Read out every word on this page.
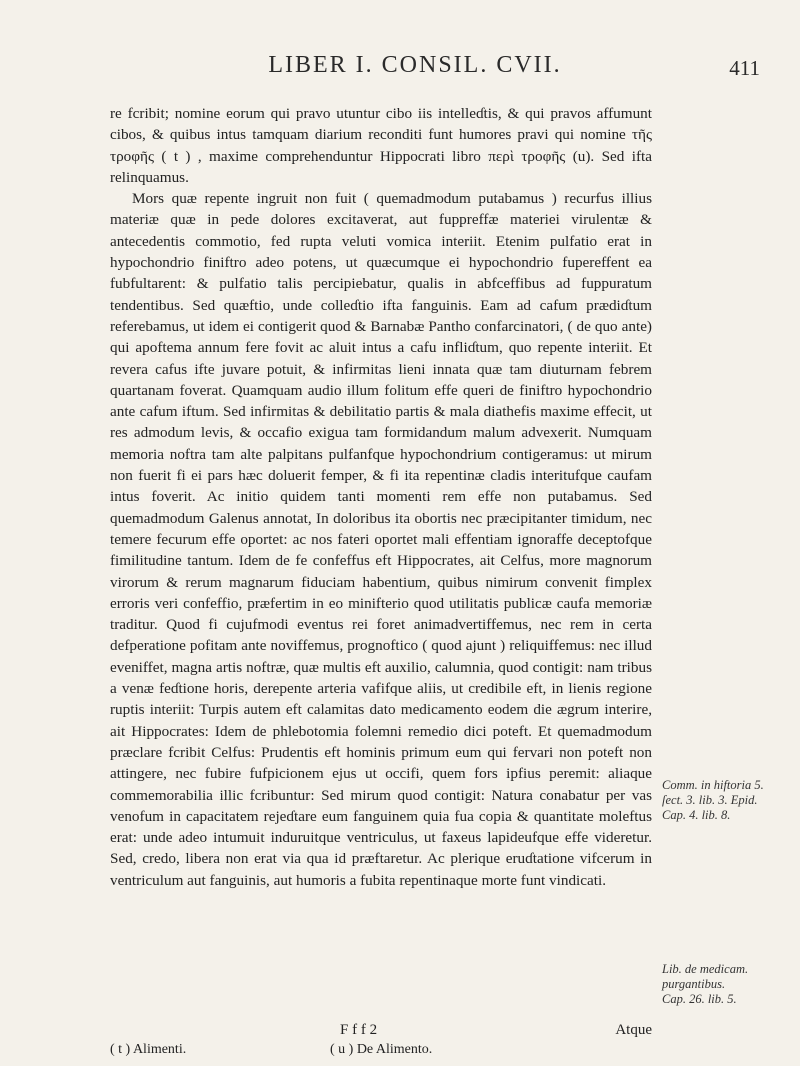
LIBER I. CONSIL. CVII.	411

re fcribit; nomine eorum qui pravo utuntur cibo iis intelleɗtis, & qui pravos affumunt cibos, & quibus intus tamquam diarium reconditi funt humores pravi qui nomine τῆς τροφῆς ( t ) , maxime comprehenduntur Hippocrati libro περὶ τροφῆς (u). Sed ifta relinquamus.

Mors quæ repente ingruit non fuit ( quemadmodum putabamus ) recurfus illius materiæ quæ in pede dolores excitaverat, aut fuppreffæ materiei virulentæ & antecedentis commotio, fed rupta veluti vomica interiit. Etenim pulfatio erat in hypochondrio finiftro adeo potens, ut quæcumque ei hypochondrio fupereffent ea fubfultarent: & pulfatio talis percipiebatur, qualis in abfceffibus ad fuppuratum tendentibus. Sed quæftio, unde colleɗtio ifta fanguinis. Eam ad cafum prædiɗtum referebamus, ut idem ei contigerit quod & Barnabæ Pantho confarcinatori, ( de quo ante) qui apoftema annum fere fovit ac aluit intus a cafu infliɗtum, quo repente interiit. Et revera cafus ifte juvare potuit, & infirmitas lieni innata quæ tam diuturnam febrem quartanam foverat. Quamquam audio illum folitum effe queri de finiftro hypochondrio ante cafum iftum. Sed infirmitas & debilitatio partis & mala diathefis maxime effecit, ut res admodum levis, & occafio exigua tam formidandum malum advexerit. Numquam memoria noftra tam alte palpitans pulfanfque hypochondrium contigeramus: ut mirum non fuerit fi ei pars hæc doluerit femper, & fi ita repentinæ cladis interitufque caufam intus foverit. Ac initio quidem tanti momenti rem effe non putabamus. Sed quemadmodum Galenus annotat, In doloribus ita obortis nec præcipitanter timidum, nec temere fecurum effe oportet: ac nos fateri oportet mali effentiam ignoraffe deceptofque fimilitudine tantum. Idem de fe confeffus eft Hippocrates, ait Celfus, more magnorum virorum & rerum magnarum fiduciam habentium, quibus nimirum convenit fimplex erroris veri confeffio, præfertim in eo minifterio quod utilitatis publicæ caufa memoriæ traditur. Quod fi cujufmodi eventus rei foret animadvertiffemus, nec rem in certa defperatione pofitam ante noviffemus, prognoftico ( quod ajunt ) reliquiffemus: nec illud eveniffet, magna artis noftræ, quæ multis eft auxilio, calumnia, quod contigit: nam tribus a venæ feɗtione horis, derepente arteria vafifque aliis, ut credibile eft, in lienis regione ruptis interiit: Turpis autem eft calamitas dato medicamento eodem die ægrum interire, ait Hippocrates: Idem de phlebotomia folemni remedio dici poteft. Et quemadmodum præclare fcribit Celfus: Prudentis eft hominis primum eum qui fervari non poteft non attingere, nec fubire fufpicionem ejus ut occifi, quem fors ipfius peremit: aliaque commemorabilia illic fcribuntur: Sed mirum quod contigit: Natura conabatur per vas venofum in capacitatem rejeɗtare eum fanguinem quia fua copia & quantitate moleftus erat: unde adeo intumuit induruitque ventriculus, ut faxeus lapideufque effe videretur. Sed, credo, libera non erat via qua id præftaretur. Ac plerique eruɗtatione vifcerum in ventriculum aut fanguinis, aut humoris a fubita repentinaque morte funt vindicati.

Comm. in hiftoria 5. ſect. 3. lib. 3. Epid.
Cap. 4. lib. 8.
Lib. de medicam. purgantibus.
Cap. 26. lib. 5.
F f f 2	Atque
( t ) Alimenti.	( u ) De Alimento.
